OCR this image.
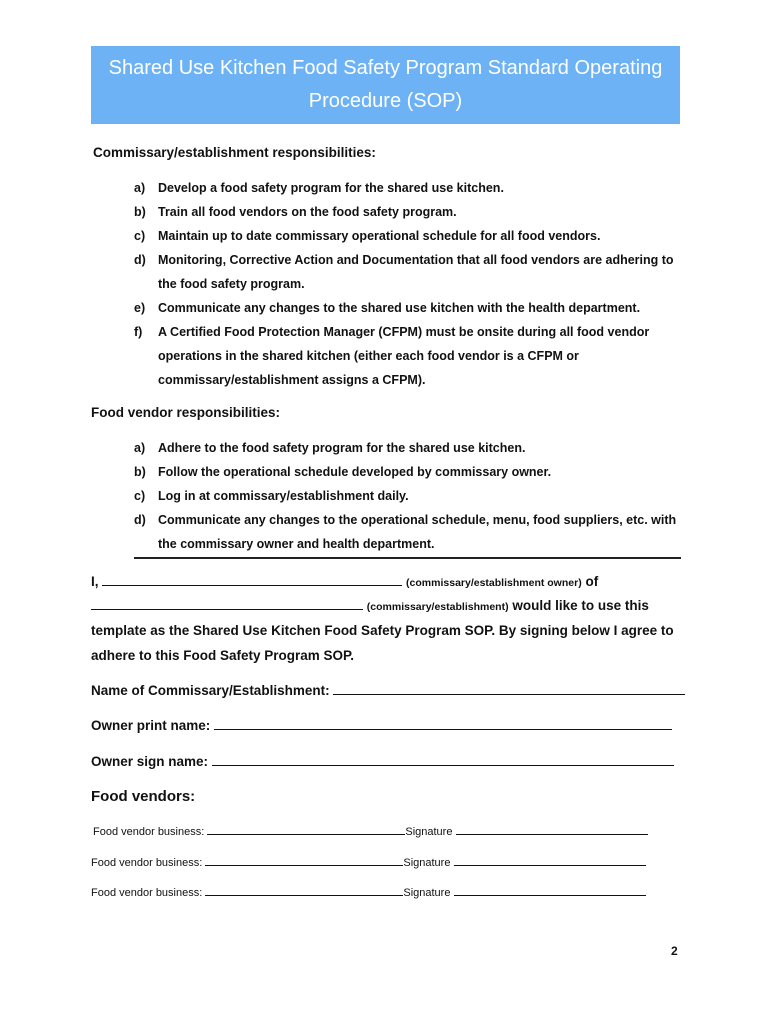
Shared Use Kitchen Food Safety Program Standard Operating
Procedure (SOP)
Commissary/establishment responsibilities:
a) Develop a food safety program for the shared use kitchen.
b) Train all food vendors on the food safety program.
c) Maintain up to date commissary operational schedule for all food vendors.
d) Monitoring, Corrective Action and Documentation that all food vendors are adhering to the food safety program.
e) Communicate any changes to the shared use kitchen with the health department.
f) A Certified Food Protection Manager (CFPM) must be onsite during all food vendor operations in the shared kitchen (either each food vendor is a CFPM or commissary/establishment assigns a CFPM).
Food vendor responsibilities:
a) Adhere to the food safety program for the shared use kitchen.
b) Follow the operational schedule developed by commissary owner.
c) Log in at commissary/establishment daily.
d) Communicate any changes to the operational schedule, menu, food suppliers, etc. with the commissary owner and health department.
I,	(commissary/establishment owner) of
(commissary/establishment) would like to use this
template as the Shared Use Kitchen Food Safety Program SOP. By signing below I agree to
adhere to this Food Safety Program SOP.
Name of Commissary/Establishment:
Owner print name:
Owner sign name:
Food vendors:
Food vendor business:	Signature
Food vendor business:	Signature
Food vendor business:	Signature
2
